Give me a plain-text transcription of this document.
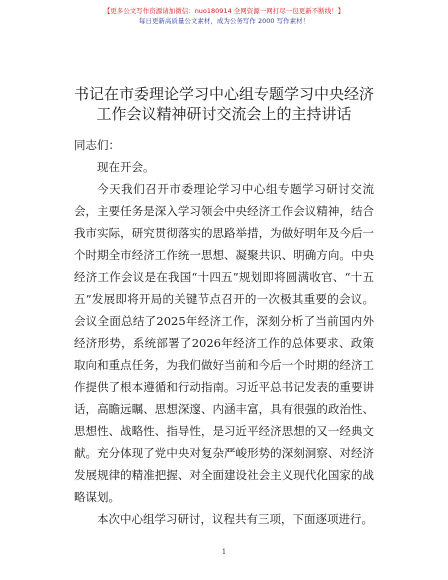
【更多公文写作资源请加微信：nuo180914 全网资源一网打尽一包更新不断线！】
每日更新高质量公文素材，成为公务写作 2000 写作素材！
书记在市委理论学习中心组专题学习中央经济
工作会议精神研讨交流会上的主持讲话

同志们：

现在开会。

今天我们召开市委理论学习中心组专题学习研讨交流会，主要任务是深入学习领会中央经济工作会议精神，结合我市实际，研究贯彻落实的思路举措，为做好明年及今后一个时期全市经济工作统一思想、凝聚共识、明确方向。中央经济工作会议是在我国“十四五”规划即将圆满收官、“十五五”发展即将开局的关键节点召开的一次极其重要的会议。会议全面总结了2025年经济工作，深刻分析了当前国内外经济形势，系统部署了2026年经济工作的总体要求、政策取向和重点任务，为我们做好当前和今后一个时期的经济工作提供了根本遵循和行动指南。习近平总书记发表的重要讲话，高瞻远瞩、思想深邃、内涵丰富，具有很强的政治性、思想性、战略性、指导性，是习近平经济思想的又一经典文献。充分体现了党中央对复杂严峻形势的深刻洞察、对经济发展规律的精准把握、对全面建设社会主义现代化国家的战略谋划。

本次中心组学习研讨，议程共有三项，下面逐项进行。

1
